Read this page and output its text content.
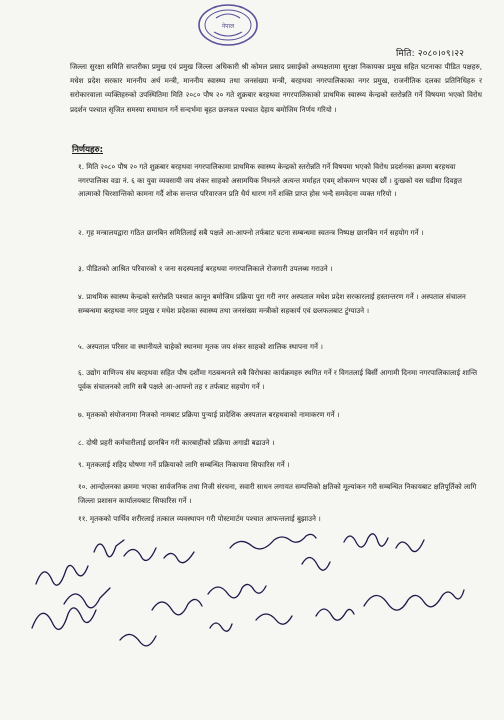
नेपाल
मिति: २०८०।०९।२२
जिल्ला सुरक्षा समिति सप्तरीका प्रमुख एवं प्रमुख जिल्ला अधिकारी श्री कोमल प्रसाद प्रसाईको अध्यक्षतामा सुरक्षा निकायका प्रमुख सहित घटनाका पीडित पक्षहरु, मधेश प्रदेश सरकार माननीय अर्थ मन्त्री, माननीय स्वास्थ्य तथा जनसंख्या मन्त्री, बरहथवा नगरपालिकाका नगर प्रमुख, राजनीतिक दलका प्रतिनिधिहरु र सरोकारवाला व्यक्तिहरुको उपस्थितिमा मिति २०८० पौष २० गते शुक्रबार बरहथवा नगरपालिकाको प्राथमिक स्वास्थ्य केन्द्रको स्तरोन्नति गर्ने विषयमा भएको विरोध प्रदर्शन पश्चात सृजित समस्या समाधान गर्ने सन्दर्भमा बृहत छलफल पश्चात देहाय बमोजिम निर्णय गरियो ।
निर्णयहरु:
१. मिति २०८० पौष २० गते शुक्रबार बरहथवा नगरपालिकामा प्राथमिक स्वास्थ्य केन्द्रको स्तरोन्नति गर्ने विषयमा भएको विरोध प्रदर्शनका क्रममा बरहथवा नगरपालिका वडा नं. ६ का युवा व्यवसायी जय शंकर साहको असामयिक निधनले अत्यन्त मर्माहत एवम् शोकमग्न भएका छौं । दुःखको यस घडीमा दिवङ्गत आत्माको चिरशान्तिको कामना गर्दै शोक सन्तप्त परिवारजन प्रति धैर्य धारण गर्ने शक्ति प्राप्त होस भन्दै समवेदना व्यक्त गरियो ।
२. गृह मन्त्रालयद्वारा गठित छानबिन समितिलाई सबै पक्षले आ-आफ्नो तर्फबाट घटना सम्बन्धमा स्वतन्त्र निष्पक्ष छानबिन गर्न सहयोग गर्ने ।
३. पीडितको आश्रित परिवारको १ जना सदस्यलाई बरहथवा नगरपालिकाले रोजगारी उपलब्ध गराउने ।
४. प्राथमिक स्वास्थ्य केन्द्रको स्तरोन्नति पश्चात कानून बमोजिम प्रक्रिया पुरा गरी नगर अस्पताल मधेश प्रदेश सरकारलाई हस्तान्तरण गर्ने । अस्पताल संचालन सम्बन्धमा बरहथवा नगर प्रमुख र मधेश प्रदेशका स्वास्थ्य तथा जनसंख्या मन्त्रीको सहकार्य एवं छलफलबाट टुंग्याउने ।
५. अस्पताल परिसर वा स्थानीयले चाहेको स्थानमा मृतक जय शंकर साहको शालिक स्थापना गर्ने ।
६. उद्योग वाणिज्य संघ बरहथवा सहित पौष दशौंमा गठबन्धनले सबै विरोधका कार्यक्रमहरु स्थगित गर्ने र विगतलाई बिर्सी आगामी दिनमा नगरपालिकालाई शान्ति पूर्वक संचालनको लागि सबै पक्षले आ-आफ्नो तह र तर्फबाट सहयोग गर्ने ।
७. मृतकको संयोजनामा निजको नामबाट प्रक्रिया पुऱ्याई प्रादेशिक अस्पताल बरहथवाको नामाकरण गर्ने ।
८. दोषी प्रहरी कर्मचारीलाई छानबिन गरी कारबाहीको प्रक्रिया अगाडी बढाउने ।
९. मृतकलाई शहिद घोषणा गर्ने प्रक्रियाको लागि सम्बन्धित निकायमा सिफारिस गर्ने ।
१०. आन्दोलनका क्रममा भएका सार्वजनिक तथा निजी संरचना, सवारी साधन लगायत सम्पत्तिको क्षतिको मूल्यांकन गरी सम्बन्धित निकायबाट क्षतिपूर्तिको लागि जिल्ला प्रशासन कार्यालयबाट सिफारिस गर्ने ।
११. मृतकको पार्थिव शरीरलाई तत्काल व्यवस्थापन गरी पोस्टमार्टम पश्चात आफन्तलाई बुझाउने ।
